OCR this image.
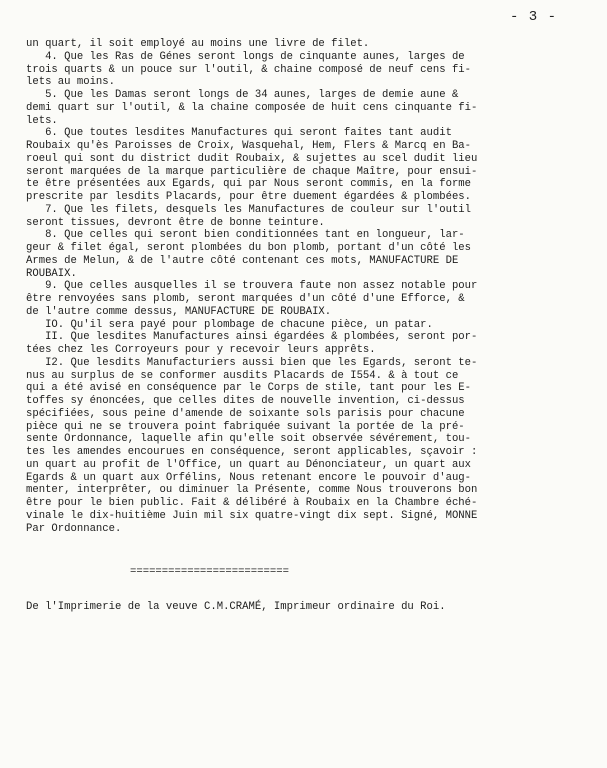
- 3 -
un quart, il soit employé au moins une livre de filet.
4. Que les Ras de Génes seront longs de cinquante aunes, larges de
trois quarts & un pouce sur l'outil, & chaine composé de neuf cens fi-
lets au moins.
5. Que les Damas seront longs de 34 aunes, larges de demie aune &
demi quart sur l'outil, & la chaine composée de huit cens cinquante fi-
lets.
6. Que toutes lesdites Manufactures qui seront faites tant audit
Roubaix qu'ès Paroisses de Croix, Wasquehal, Hem, Flers & Marcq en Ba-
roeul qui sont du district dudit Roubaix, & sujettes au scel dudit lieu
seront marquées de la marque particulière de chaque Maître, pour ensui-
te être présentées aux Egards, qui par Nous seront commis, en la forme
prescrite par lesdits Placards, pour être duement égardées & plombées.
7. Que les filets, desquels les Manufactures de couleur sur l'outil
seront tissues, devront être de bonne teinture.
8. Que celles qui seront bien conditionnées tant en longueur, lar-
geur & filet égal, seront plombées du bon plomb, portant d'un côté les
Armes de Melun, & de l'autre côté contenant ces mots, MANUFACTURE DE
ROUBAIX.
9. Que celles ausquelles il se trouvera faute non assez notable pour
être renvoyées sans plomb, seront marquées d'un côté d'une Efforce, &
de l'autre comme dessus, MANUFACTURE DE ROUBAIX.
IO. Qu'il sera payé pour plombage de chacune pièce, un patar.
II. Que lesdites Manufactures ainsi égardées & plombées, seront por-
tées chez les Corroyeurs pour y recevoir leurs apprêts.
I2. Que lesdits Manufacturiers aussi bien que les Egards, seront te-
nus au surplus de se conformer ausdits Placards de I554. & à tout ce
qui a été avisé en conséquence par le Corps de stile, tant pour les E-
toffes sy énoncées, que celles dites de nouvelle invention, ci-dessus
spécifiées, sous peine d'amende de soixante sols parisis pour chacune
pièce qui ne se trouvera point fabriquée suivant la portée de la pré-
sente Ordonnance, laquelle afin qu'elle soit observée sévérement, tou-
tes les amendes encourues en conséquence, seront applicables, sçavoir :
un quart au profit de l'Office, un quart au Dénonciateur, un quart aux
Egards & un quart aux Orfélins, Nous retenant encore le pouvoir d'aug-
menter, interprêter, ou diminuer la Présente, comme Nous trouverons bon
être pour le bien public. Fait & délibéré à Roubaix en la Chambre éché-
vinale le dix-huitième Juin mil six quatre-vingt dix sept. Signé, MONNE
Par Ordonnance.
=========================
De l'Imprimerie de la veuve C.M.CRAMÉ, Imprimeur ordinaire du Roi.
